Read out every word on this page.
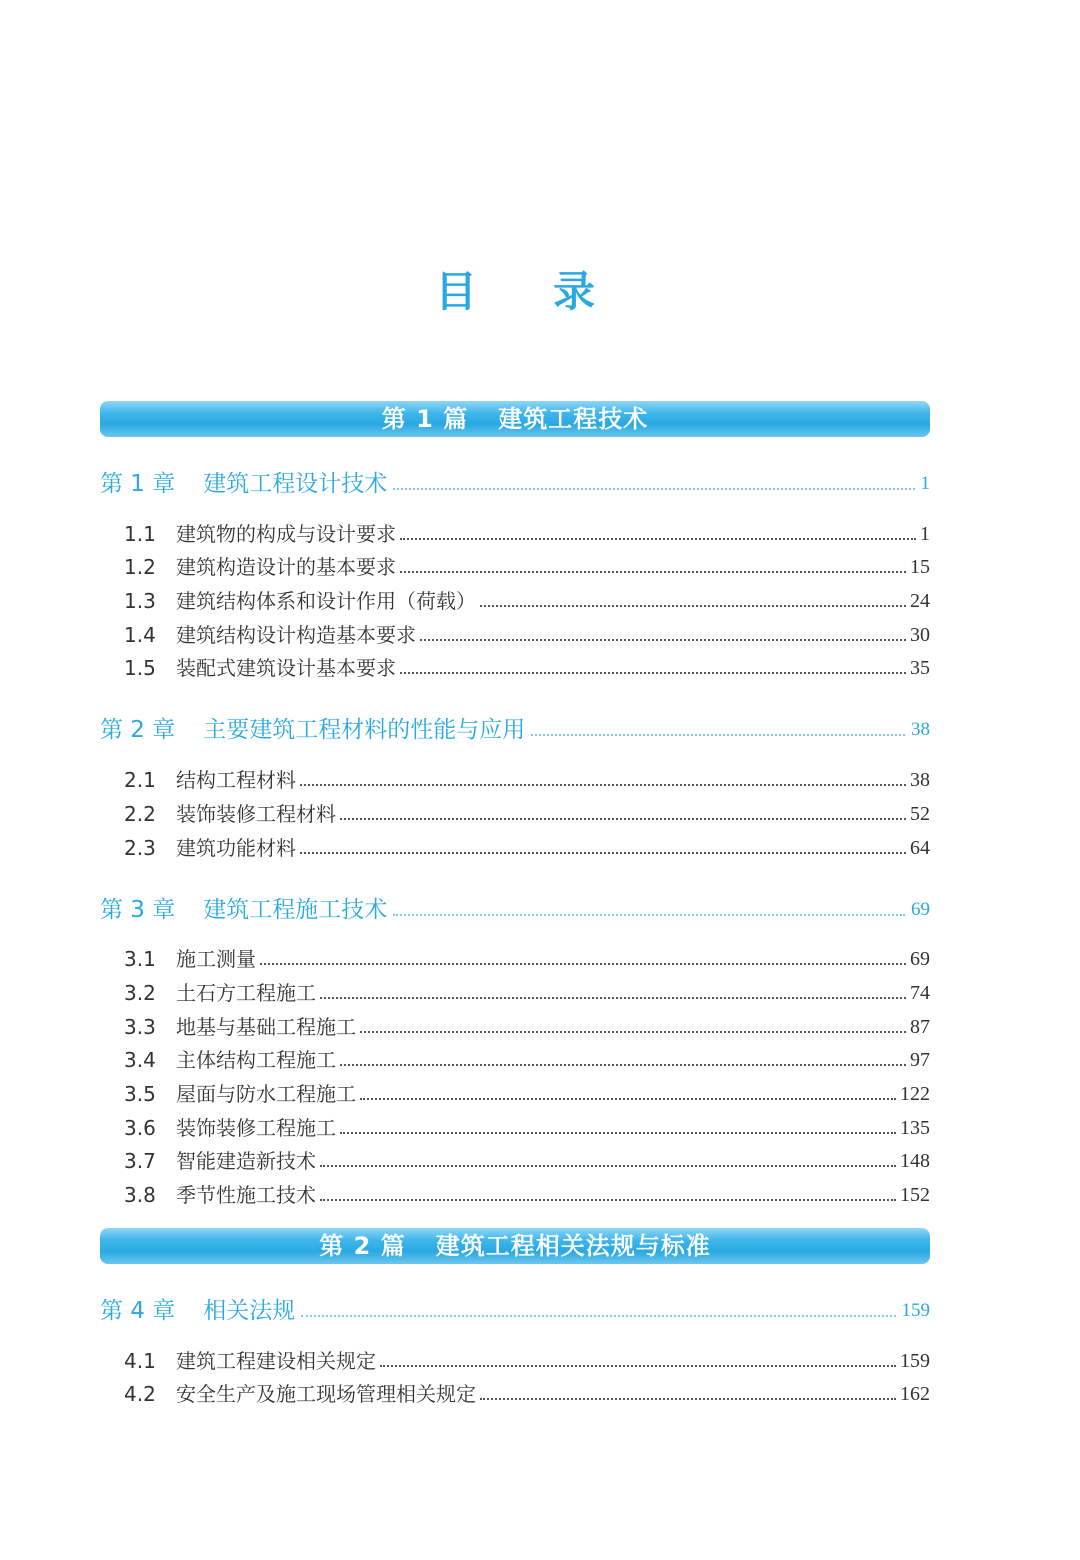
目录
第 1 篇 建筑工程技术
第 1 章 建筑工程设计技术	1
1.1	建筑物的构成与设计要求	1
1.2	建筑构造设计的基本要求	15
1.3	建筑结构体系和设计作用（荷载）	24
1.4	建筑结构设计构造基本要求	30
1.5	装配式建筑设计基本要求	35
第 2 章 主要建筑工程材料的性能与应用	38
2.1	结构工程材料	38
2.2	装饰装修工程材料	52
2.3	建筑功能材料	64
第 3 章 建筑工程施工技术	69
3.1	施工测量	69
3.2	土石方工程施工	74
3.3	地基与基础工程施工	87
3.4	主体结构工程施工	97
3.5	屋面与防水工程施工	122
3.6	装饰装修工程施工	135
3.7	智能建造新技术	148
3.8	季节性施工技术	152
第 2 篇 建筑工程相关法规与标准
第 4 章 相关法规	159
4.1	建筑工程建设相关规定	159
4.2	安全生产及施工现场管理相关规定	162
